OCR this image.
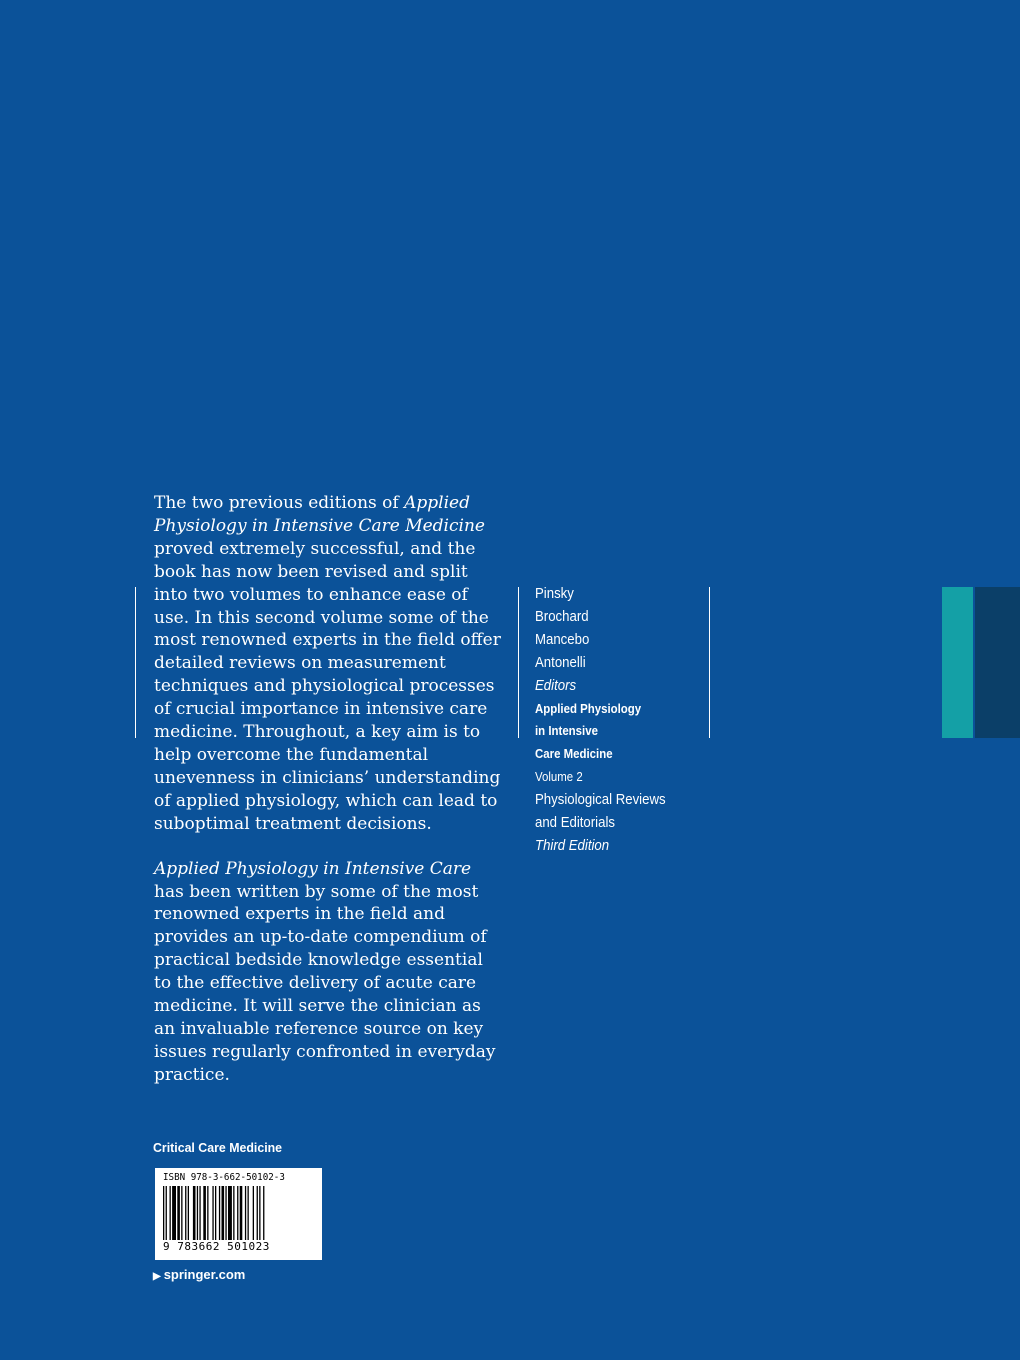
The two previous editions of Applied Physiology in Intensive Care Medicine proved extremely successful, and the book has now been revised and split into two volumes to enhance ease of use. In this second volume some of the most renowned experts in the field offer detailed reviews on measurement techniques and physiological processes of crucial importance in intensive care medicine. Throughout, a key aim is to help overcome the fundamental unevenness in clinicians’ understanding of applied physiology, which can lead to suboptimal treatment decisions.

Applied Physiology in Intensive Care has been written by some of the most renowned experts in the field and provides an up-to-date compendium of practical bedside knowledge essential to the effective delivery of acute care medicine. It will serve the clinician as an invaluable reference source on key issues regularly confronted in everyday practice.

Pinsky
Brochard
Mancebo
Antonelli
Editors
Applied Physiology
in Intensive
Care Medicine
Volume 2
Physiological Reviews
and Editorials
Third Edition
Critical Care Medicine
ISBN 978-3-662-50102-3
9 783662 501023
▶ springer.com
